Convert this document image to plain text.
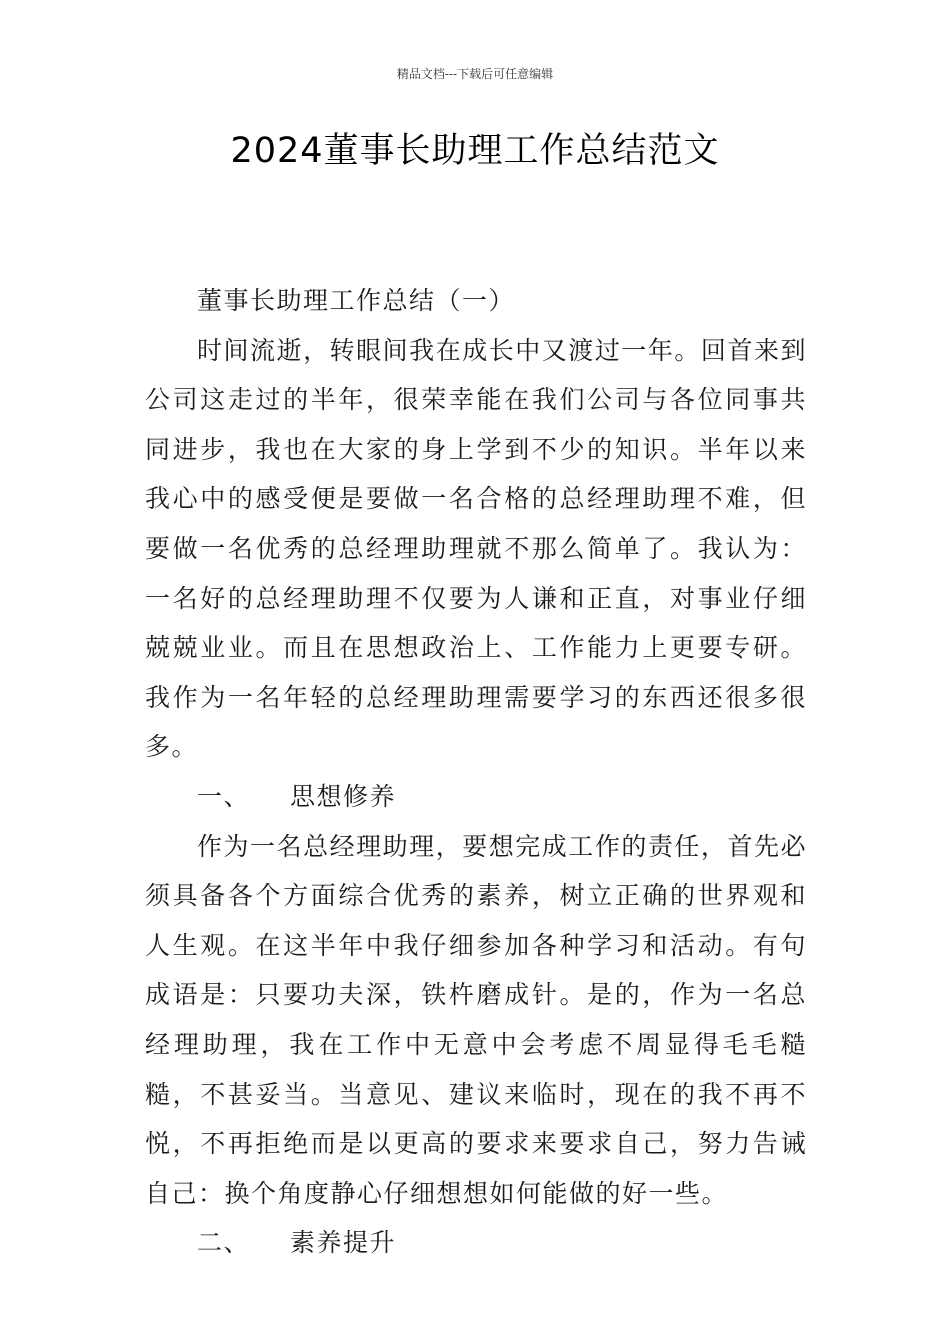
精品文档---下载后可任意编辑
2024董事长助理工作总结范文

董事长助理工作总结（一）

时间流逝，转眼间我在成长中又渡过一年。回首来到公司这走过的半年，很荣幸能在我们公司与各位同事共同进步，我也在大家的身上学到不少的知识。半年以来我心中的感受便是要做一名合格的总经理助理不难，但要做一名优秀的总经理助理就不那么简单了。我认为：一名好的总经理助理不仅要为人谦和正直，对事业仔细兢兢业业。而且在思想政治上、工作能力上更要专研。我作为一名年轻的总经理助理需要学习的东西还很多很多。

一、 思想修养

作为一名总经理助理，要想完成工作的责任，首先必须具备各个方面综合优秀的素养，树立正确的世界观和人生观。在这半年中我仔细参加各种学习和活动。有句成语是：只要功夫深，铁杵磨成针。是的，作为一名总经理助理，我在工作中无意中会考虑不周显得毛毛糙糙，不甚妥当。当意见、建议来临时，现在的我不再不悦，不再拒绝而是以更高的要求来要求自己，努力告诫自己：换个角度静心仔细想想如何能做的好一些。

二、 素养提升
